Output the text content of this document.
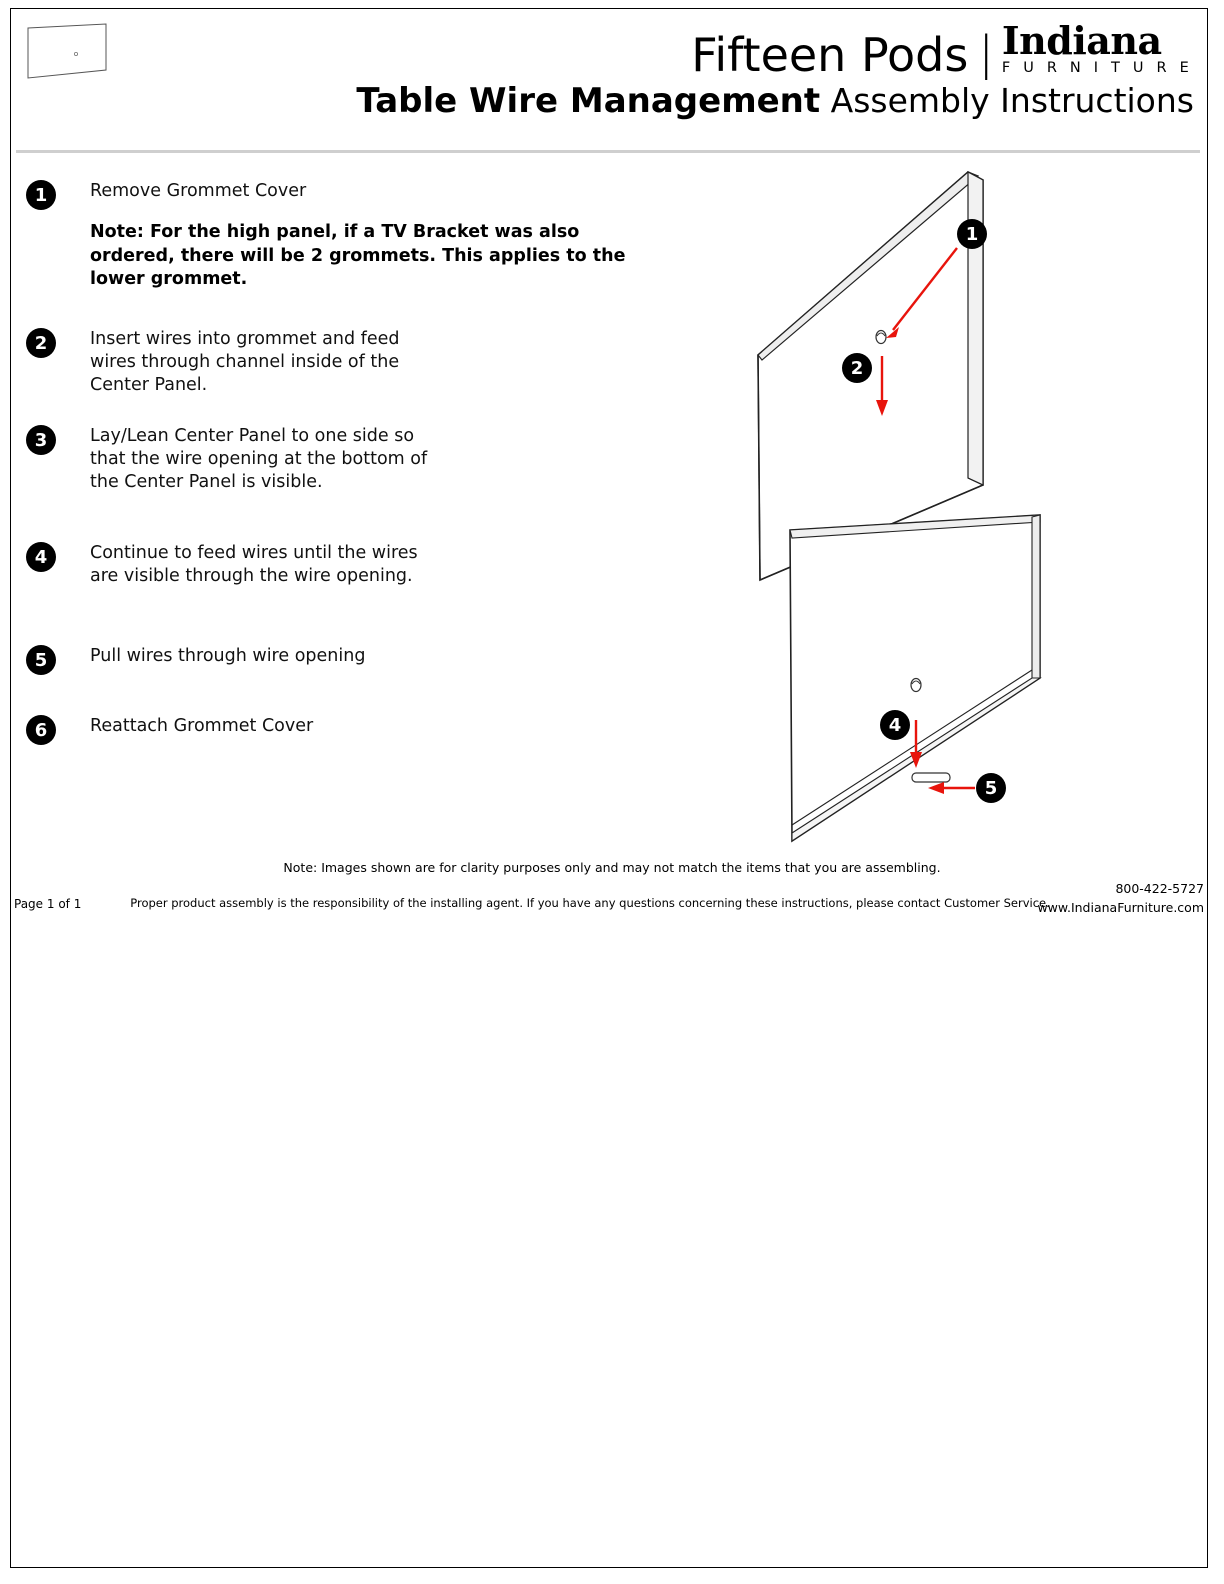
Fifteen Pods | Indiana
F U R N I T U R E
Table Wire Management Assembly Instructions
1	Remove Grommet Cover
Note: For the high panel, if a TV Bracket was also ordered, there will be 2 grommets. This applies to the lower grommet.
2	Insert wires into grommet and feed wires through channel inside of the Center Panel.
3	Lay/Lean Center Panel to one side so that the wire opening at the bottom of the Center Panel is visible.
4	Continue to feed wires until the wires are visible through the wire opening.
5	Pull wires through wire opening
6	Reattach Grommet Cover
1
2
4
5
Note: Images shown are for clarity purposes only and may not match the items that you are assembling.
Proper product assembly is the responsibility of the installing agent. If you have any questions concerning these instructions, please contact Customer Service.
Page 1 of 1
800-422-5727
www.IndianaFurniture.com
